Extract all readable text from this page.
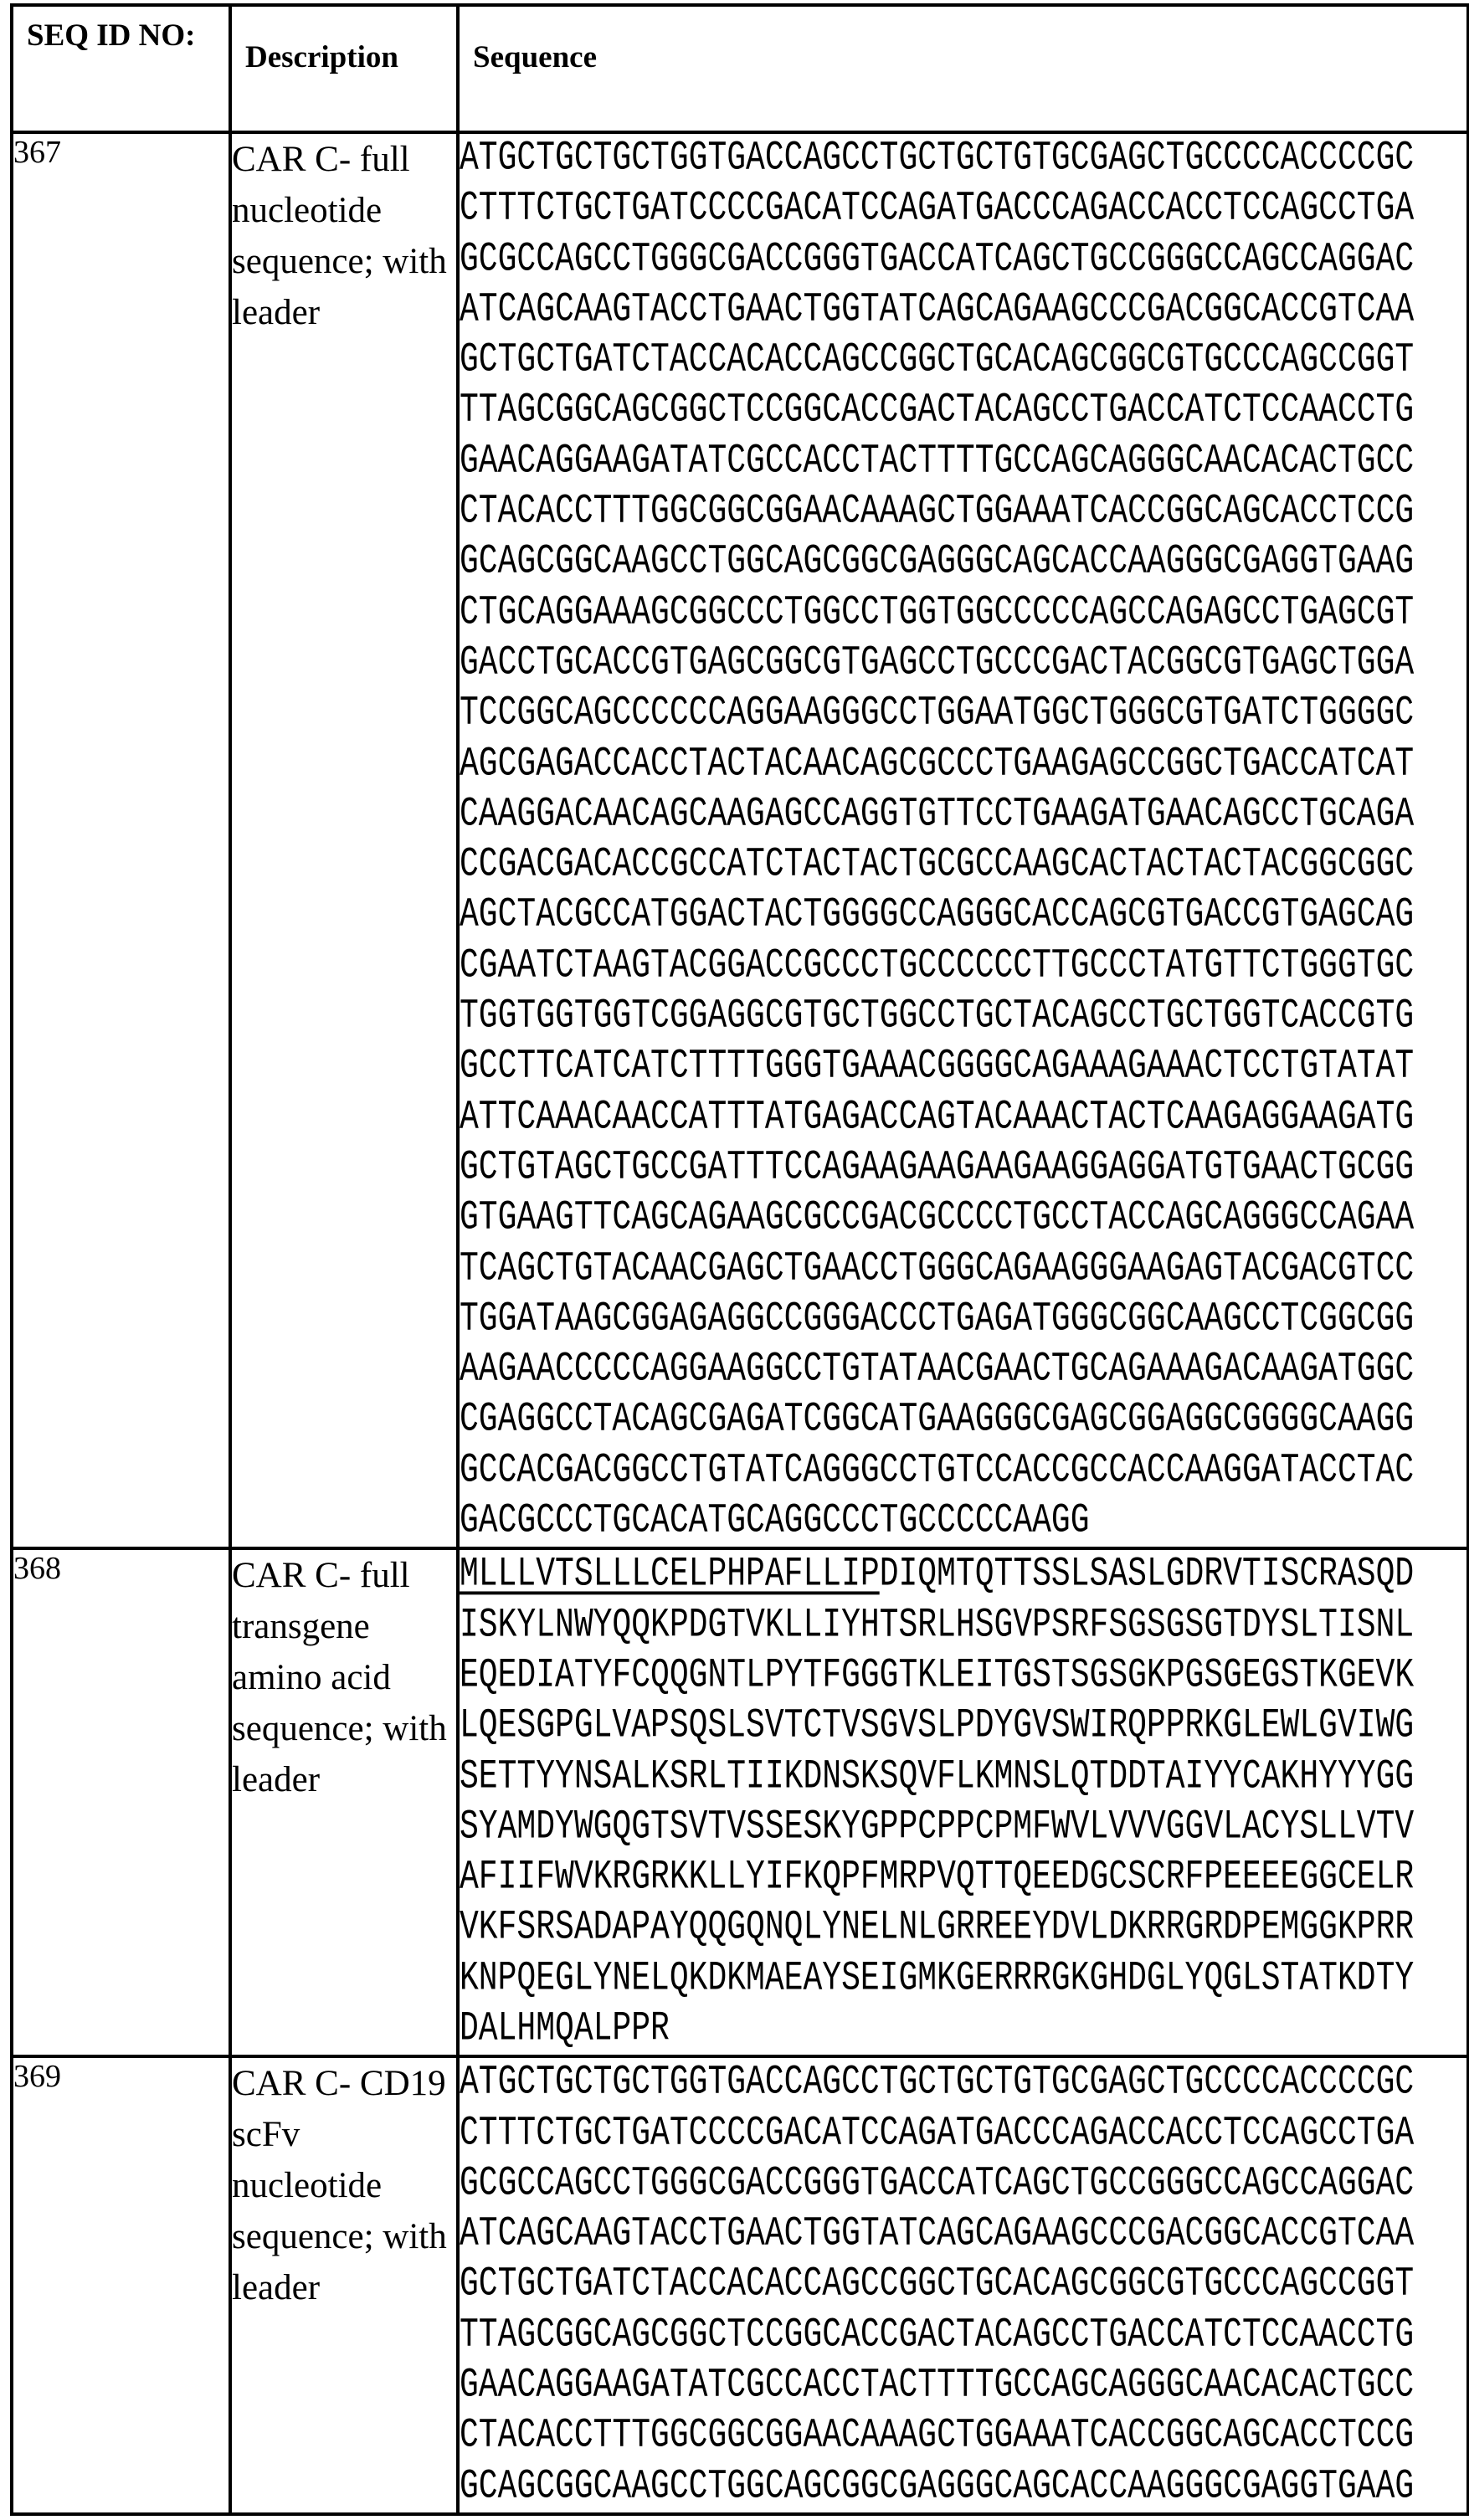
SEQ ID NO:

Description	Sequence

367	CAR C- full nucleotide sequence; with leader	
ATGCTGCTGCTGGTGACCAGCCTGCTGCTGTGCGAGCTGCCCCACCCCGC
CTTTCTGCTGATCCCCGACATCCAGATGACCCAGACCACCTCCAGCCTGA
GCGCCAGCCTGGGCGACCGGGTGACCATCAGCTGCCGGGCCAGCCAGGAC
ATCAGCAAGTACCTGAACTGGTATCAGCAGAAGCCCGACGGCACCGTCAA
GCTGCTGATCTACCACACCAGCCGGCTGCACAGCGGCGTGCCCAGCCGGT
TTAGCGGCAGCGGCTCCGGCACCGACTACAGCCTGACCATCTCCAACCTG
GAACAGGAAGATATCGCCACCTACTTTTGCCAGCAGGGCAACACACTGCC
CTACACCTTTGGCGGCGGAACAAAGCTGGAAATCACCGGCAGCACCTCCG
GCAGCGGCAAGCCTGGCAGCGGCGAGGGCAGCACCAAGGGCGAGGTGAAG
CTGCAGGAAAGCGGCCCTGGCCTGGTGGCCCCCAGCCAGAGCCTGAGCGT
GACCTGCACCGTGAGCGGCGTGAGCCTGCCCGACTACGGCGTGAGCTGGA
TCCGGCAGCCCCCCAGGAAGGGCCTGGAATGGCTGGGCGTGATCTGGGGC
AGCGAGACCACCTACTACAACAGCGCCCTGAAGAGCCGGCTGACCATCAT
CAAGGACAACAGCAAGAGCCAGGTGTTCCTGAAGATGAACAGCCTGCAGA
CCGACGACACCGCCATCTACTACTGCGCCAAGCACTACTACTACGGCGGC
AGCTACGCCATGGACTACTGGGGCCAGGGCACCAGCGTGACCGTGAGCAG
CGAATCTAAGTACGGACCGCCCTGCCCCCCTTGCCCTATGTTCTGGGTGC
TGGTGGTGGTCGGAGGCGTGCTGGCCTGCTACAGCCTGCTGGTCACCGTG
GCCTTCATCATCTTTTGGGTGAAACGGGGCAGAAAGAAACTCCTGTATAT
ATTCAAACAACCATTTATGAGACCAGTACAAACTACTCAAGAGGAAGATG
GCTGTAGCTGCCGATTTCCAGAAGAAGAAGAAGGAGGATGTGAACTGCGG
GTGAAGTTCAGCAGAAGCGCCGACGCCCCTGCCTACCAGCAGGGCCAGAA
TCAGCTGTACAACGAGCTGAACCTGGGCAGAAGGGAAGAGTACGACGTCC
TGGATAAGCGGAGAGGCCGGGACCCTGAGATGGGCGGCAAGCCTCGGCGG
AAGAACCCCCAGGAAGGCCTGTATAACGAACTGCAGAAAGACAAGATGGC
CGAGGCCTACAGCGAGATCGGCATGAAGGGCGAGCGGAGGCGGGGCAAGG
GCCACGACGGCCTGTATCAGGGCCTGTCCACCGCCACCAAGGATACCTAC
GACGCCCTGCACATGCAGGCCCTGCCCCCAAGG

368	CAR C- full transgene amino acid sequence; with leader	
MLLLVTSLLLCELPHPAFLLIPDIQMTQTTSSLSASLGDRVTISCRASQD
ISKYLNWYQQKPDGTVKLLIYHTSRLHSGVPSRFSGSGSGTDYSLTISNL
EQEDIATYFCQQGNTLPYTFGGGTKLEITGSTSGSGKPGSGEGSTKGEVK
LQESGPGLVAPSQSLSVTCTVSGVSLPDYGVSWIRQPPRKGLEWLGVIWG
SETTYYNSALKSRLTIIKDNSKSQVFLKMNSLQTDDTAIYYCAKHYYYGG
SYAMDYWGQGTSVTVSSESKYGPPCPPCPMFWVLVVVGGVLACYSLLVTV
AFIIFWVKRGRKKLLYIFKQPFMRPVQTTQEEDGCSCRFPEEEEGGCELR
VKFSRSADAPAYQQGQNQLYNELNLGRREEYDVLDKRRGRDPEMGGKPRR
KNPQEGLYNELQKDKMAEAYSEIGMKGERRRGKGHDGLYQGLSTATKDTY
DALHMQALPPR

369	CAR C- CD19 scFv nucleotide sequence; with leader	
ATGCTGCTGCTGGTGACCAGCCTGCTGCTGTGCGAGCTGCCCCACCCCGC
CTTTCTGCTGATCCCCGACATCCAGATGACCCAGACCACCTCCAGCCTGA
GCGCCAGCCTGGGCGACCGGGTGACCATCAGCTGCCGGGCCAGCCAGGAC
ATCAGCAAGTACCTGAACTGGTATCAGCAGAAGCCCGACGGCACCGTCAA
GCTGCTGATCTACCACACCAGCCGGCTGCACAGCGGCGTGCCCAGCCGGT
TTAGCGGCAGCGGCTCCGGCACCGACTACAGCCTGACCATCTCCAACCTG
GAACAGGAAGATATCGCCACCTACTTTTGCCAGCAGGGCAACACACTGCC
CTACACCTTTGGCGGCGGAACAAAGCTGGAAATCACCGGCAGCACCTCCG
GCAGCGGCAAGCCTGGCAGCGGCGAGGGCAGCACCAAGGGCGAGGTGAAG
